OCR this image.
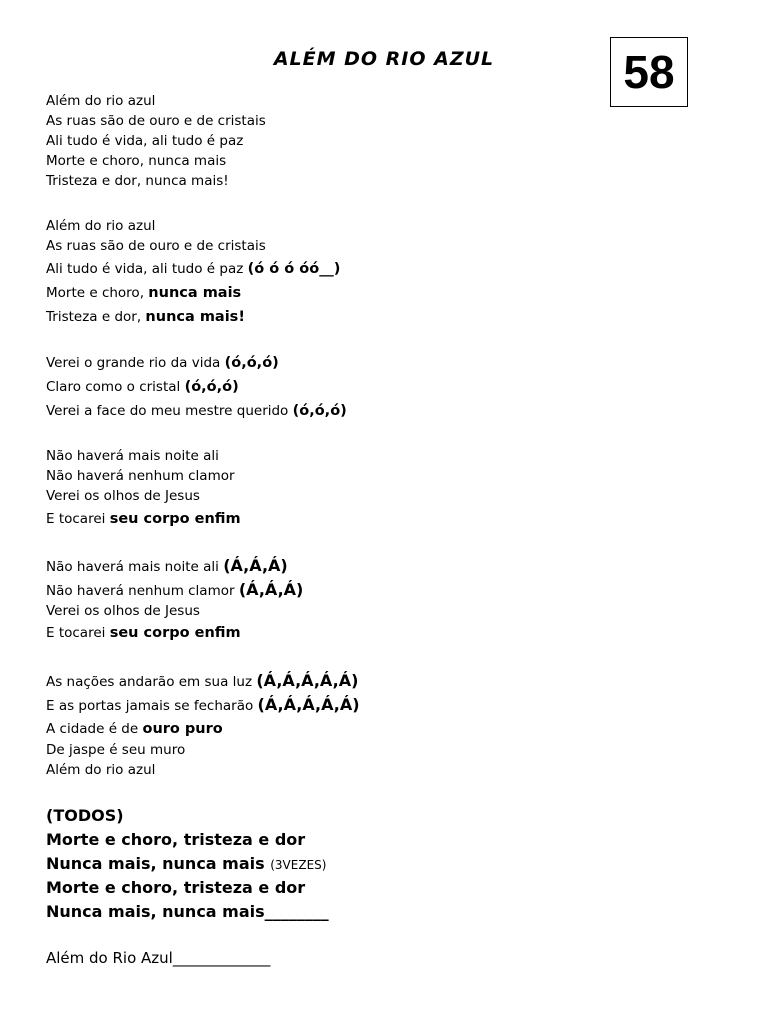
ALÉM DO RIO AZUL	58
Além do rio azul
As ruas são de ouro e de cristais
Ali tudo é vida, ali tudo é paz
Morte e choro, nunca mais
Tristeza e dor, nunca mais!
Além do rio azul
As ruas são de ouro e de cristais
Ali tudo é vida, ali tudo é paz (ó ó ó óó__)
Morte e choro, nunca mais
Tristeza e dor, nunca mais!
Verei o grande rio da vida (ó,ó,ó)
Claro como o cristal (ó,ó,ó)
Verei a face do meu mestre querido (ó,ó,ó)
Não haverá mais noite ali
Não haverá nenhum clamor
Verei os olhos de Jesus
E tocarei seu corpo enfim
Não haverá mais noite ali (Á,Á,Á)
Não haverá nenhum clamor (Á,Á,Á)
Verei os olhos de Jesus
E tocarei seu corpo enfim
As nações andarão em sua luz (Á,Á,Á,Á,Á)
E as portas jamais se fecharão (Á,Á,Á,Á,Á)
A cidade é de ouro puro
De jaspe é seu muro
Além do rio azul
(TODOS)
Morte e choro, tristeza e dor
Nunca mais, nunca mais (3VEZES)
Morte e choro, tristeza e dor
Nunca mais, nunca mais________
Além do Rio Azul_____________
